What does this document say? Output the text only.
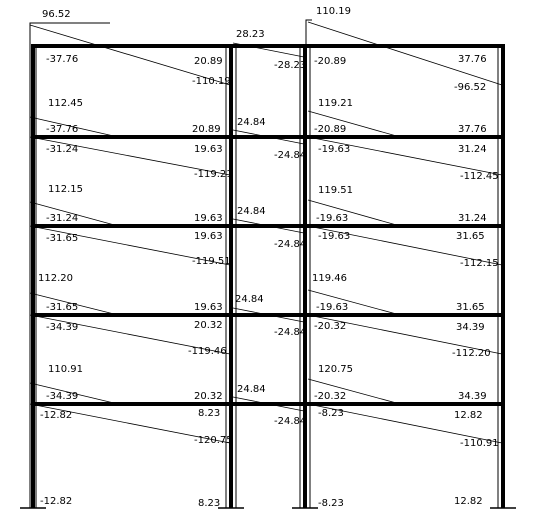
96.52	110.19
28.23
-37.76	20.89	-28.23 -20.89	37.76
-110.19
-96.52
112.45	119.21
-37.76	20.89
24.84
-20.89	37.76
-31.24	19.63
-24.84
-19.63	31.24
-119.21	-112.45
112.15	119.51
-31.24	19.63
24.84
-19.63	31.24
-31.65	19.63
-24.84
-19.63	31.65
-119.51	-112.15
112.20	119.46
-31.65	19.63
24.84
-19.63	31.65
-34.39	20.32
-24.84
-20.32	34.39
-119.46	-112.20
110.91	120.75
-34.39	20.32
24.84
-20.32	34.39
-12.82	8.23
-24.84
-8.23	12.82
-120.75	-110.91
-12.82	8.23	-8.23	12.82
